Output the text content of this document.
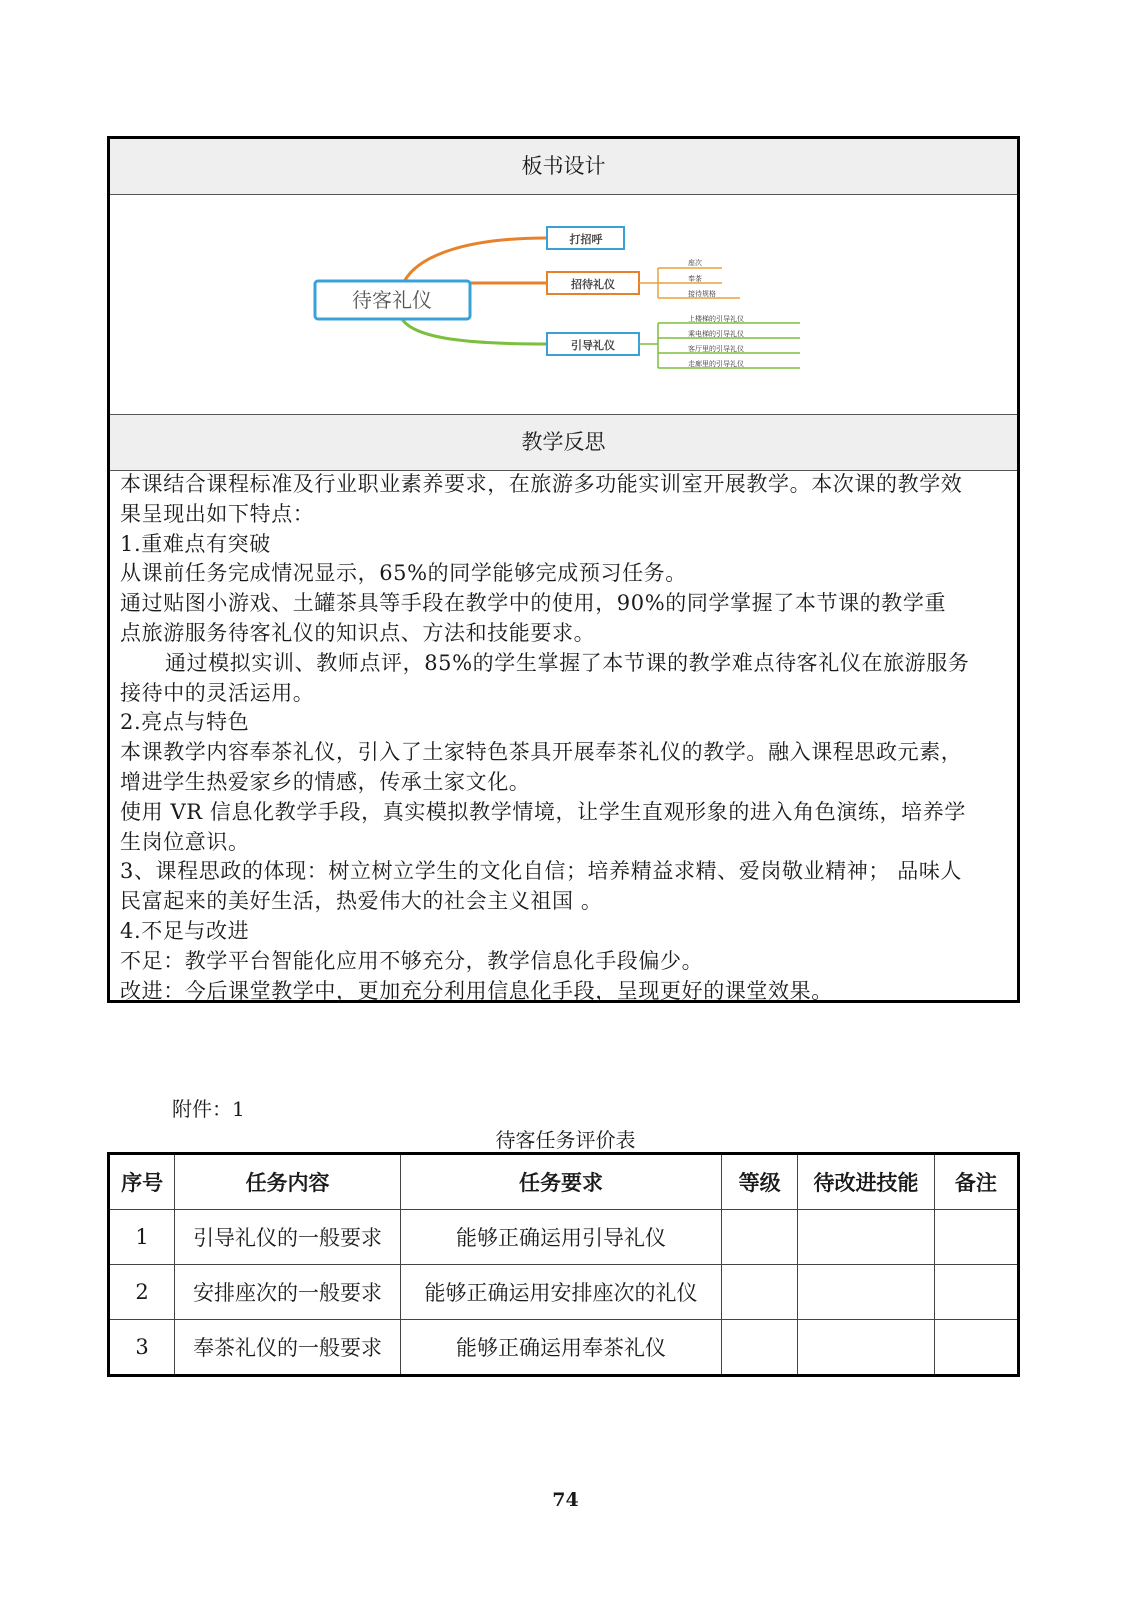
板书设计
待客礼仪
打招呼
招待礼仪
引导礼仪
座次
奉茶
接待规格
上楼梯的引导礼仪
乘电梯的引导礼仪
客厅里的引导礼仪
走廊里的引导礼仪
教学反思

本课结合课程标准及行业职业素养要求，在旅游多功能实训室开展教学。本次课的教学效

果呈现出如下特点：

1.重难点有突破

从课前任务完成情况显示，65%的同学能够完成预习任务。

通过贴图小游戏、土罐茶具等手段在教学中的使用，90%的同学掌握了本节课的教学重

点旅游服务待客礼仪的知识点、方法和技能要求。

通过模拟实训、教师点评，85%的学生掌握了本节课的教学难点待客礼仪在旅游服务

接待中的灵活运用。

2.亮点与特色

本课教学内容奉茶礼仪，引入了土家特色茶具开展奉茶礼仪的教学。融入课程思政元素，

增进学生热爱家乡的情感，传承土家文化。

使用 VR 信息化教学手段，真实模拟教学情境，让学生直观形象的进入角色演练，培养学

生岗位意识。

3、课程思政的体现：树立树立学生的文化自信；培养精益求精、爱岗敬业精神； 品味人

民富起来的美好生活，热爱伟大的社会主义祖国 。

4.不足与改进

不足：教学平台智能化应用不够充分，教学信息化手段偏少。

改进：今后课堂教学中，更加充分利用信息化手段，呈现更好的课堂效果。

附件：1
待客任务评价表
序号	任务内容	任务要求	等级	待改进技能	备注
1	引导礼仪的一般要求	能够正确运用引导礼仪			
2	安排座次的一般要求	能够正确运用安排座次的礼仪			
3	奉茶礼仪的一般要求	能够正确运用奉茶礼仪			
74
